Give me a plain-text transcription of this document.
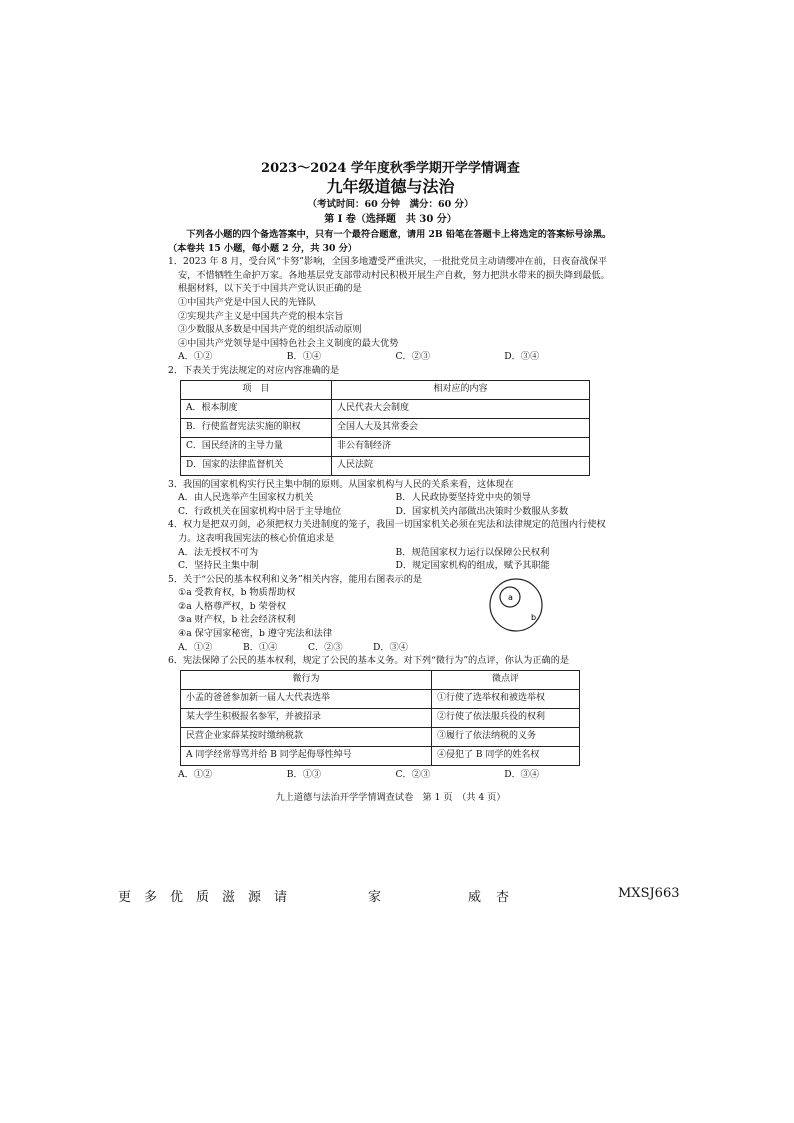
2023～2024 学年度秋季学期开学学情调查
九年级道德与法治
（考试时间：60 分钟　满分：60 分）
第 I 卷（选择题　共 30 分）
下列各小题的四个备选答案中，只有一个最符合题意，请用 2B 铅笔在答题卡上将选定的答案标号涂黑。（本卷共 15 小题，每小题 2 分，共 30 分）
1．2023 年 8 月，受台风“卡努”影响，全国多地遭受严重洪灾，一批批党员主动请缨冲在前，日夜奋战保平安，不惜牺牲生命护万家。各地基层党支部带动村民积极开展生产自救，努力把洪水带来的损失降到最低。根据材料，以下关于中国共产党认识正确的是
①中国共产党是中国人民的先锋队
②实现共产主义是中国共产党的根本宗旨
③少数服从多数是中国共产党的组织活动原则
④中国共产党领导是中国特色社会主义制度的最大优势
A．①②	B．①④	C．②③	D．③④
2．下表关于宪法规定的对应内容准确的是
项　目	相对应的内容
A．根本制度	人民代表大会制度
B．行使监督宪法实施的职权	全国人大及其常委会
C．国民经济的主导力量	非公有制经济
D．国家的法律监督机关	人民法院
3．我国的国家机构实行民主集中制的原则。从国家机构与人民的关系来看，这体现在
A．由人民选举产生国家权力机关	B．人民政协要坚持党中央的领导
C．行政机关在国家机构中居于主导地位	D．国家机关内部做出决策时少数服从多数
4．权力是把双刃剑，必须把权力关进制度的笼子，我国一切国家机关必须在宪法和法律规定的范围内行使权力。这表明我国宪法的核心价值追求是
A．法无授权不可为	B．规范国家权力运行以保障公民权利
C．坚持民主集中制	D．规定国家机构的组成，赋予其职能
5．关于“公民的基本权利和义务”相关内容，能用右图表示的是
①a 受教育权，b 物质帮助权
②a 人格尊严权，b 荣誉权
③a 财产权，b 社会经济权利
④a 保守国家秘密，b 遵守宪法和法律
A．①②	B．①④	C．②③	D．③④
a
b
6．宪法保障了公民的基本权利，规定了公民的基本义务。对下列“微行为”的点评，你认为正确的是
微行为	微点评
小孟的爸爸参加新一届人大代表选举	①行使了选举权和被选举权
某大学生积极报名参军，并被招录	②行使了依法服兵役的权利
民营企业家薛某按时缴纳税款	③履行了依法纳税的义务
A 同学经常辱骂并给 B 同学起侮辱性绰号	④侵犯了 B 同学的姓名权
A．①②	B．①③	C．②③	D．③④
九上道德与法治开学学情调查试卷　第 1 页　（共 4 页）
更 多 优 质 滋 源 请	家	威 杏	MXSJ663
